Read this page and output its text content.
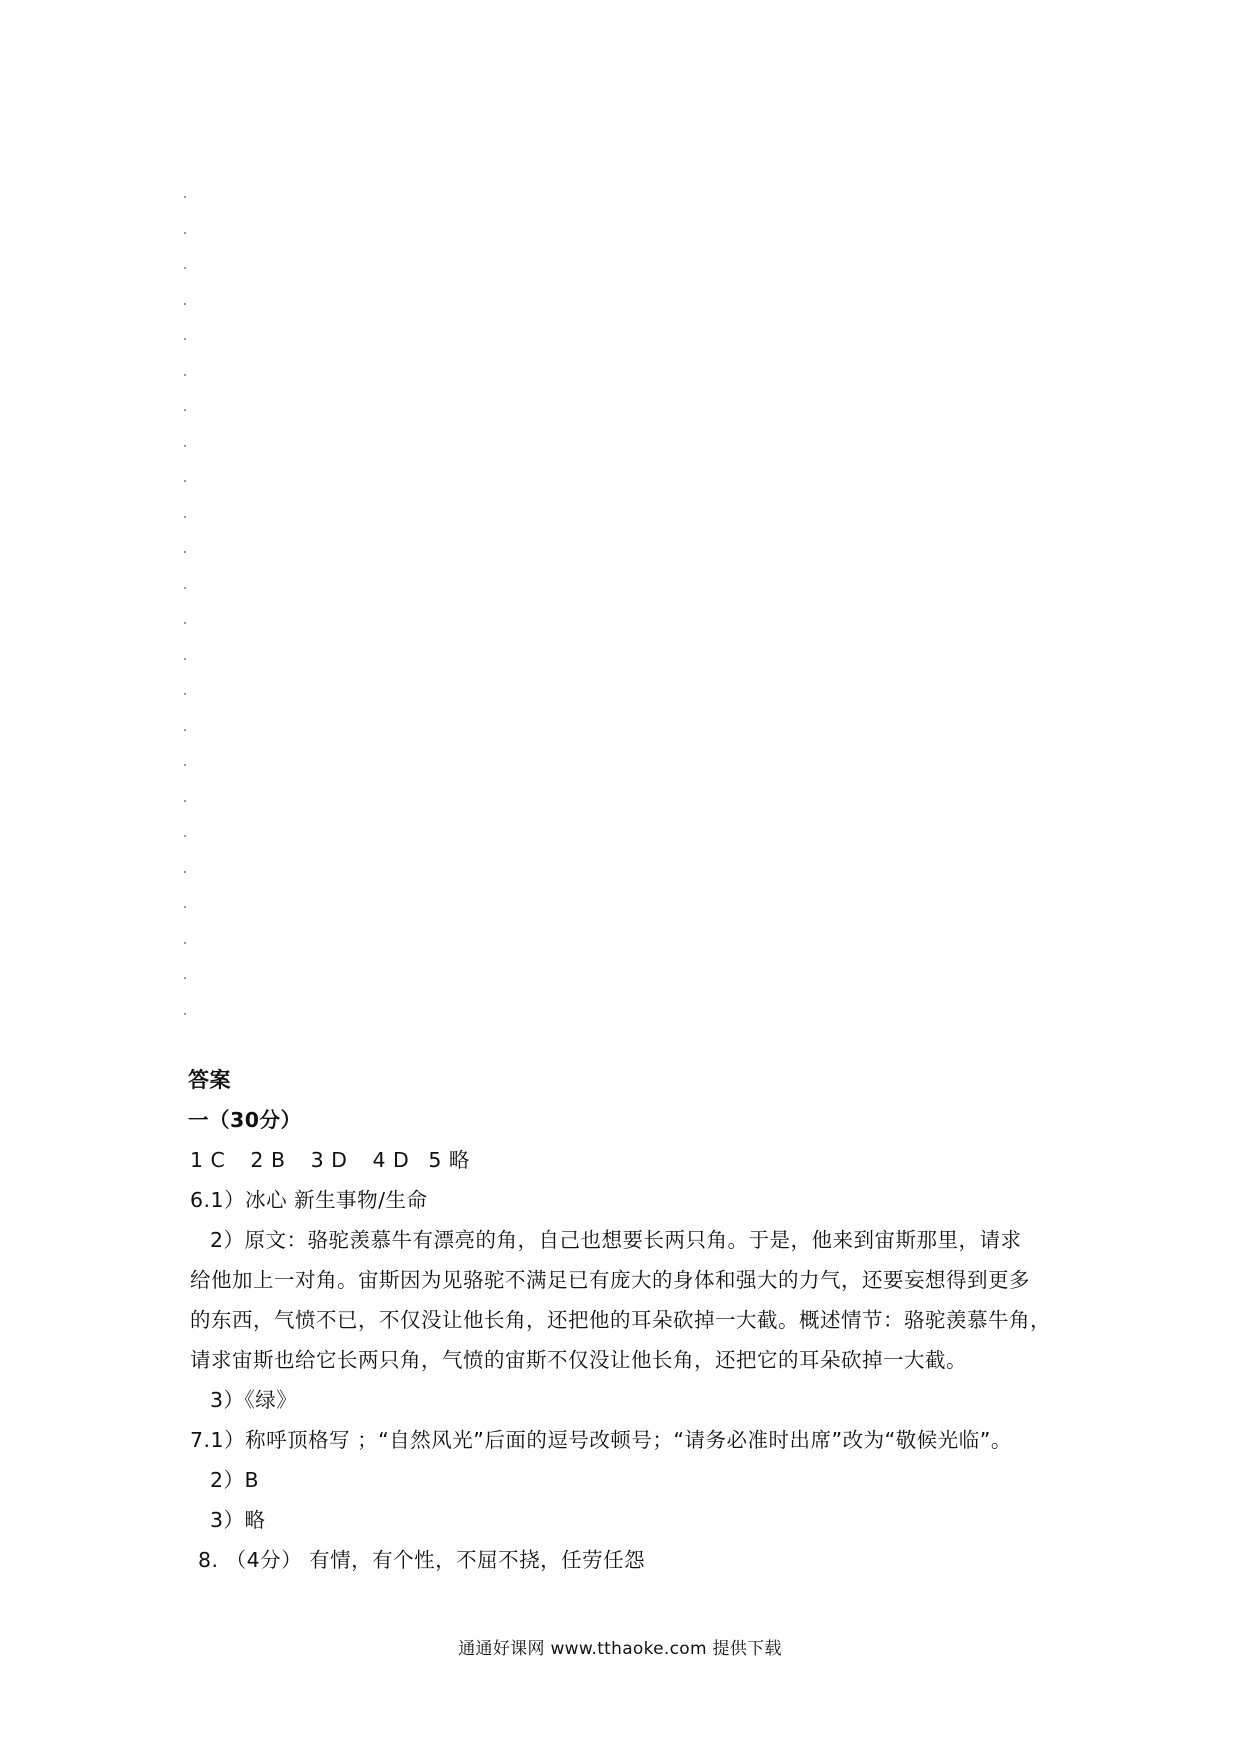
答案
一（30分）
1 C 2 B 3 D 4 D 5 略
6.1）冰心 新生事物/生命
2）原文：骆驼羡慕牛有漂亮的角，自己也想要长两只角。于是，他来到宙斯那里，请求
给他加上一对角。宙斯因为见骆驼不满足已有庞大的身体和强大的力气，还要妄想得到更多
的东西，气愤不已，不仅没让他长角，还把他的耳朵砍掉一大截。概述情节：骆驼羡慕牛角，
请求宙斯也给它长两只角，气愤的宙斯不仅没让他长角，还把它的耳朵砍掉一大截。
3）《绿》
7.1）称呼顶格写 ；“自然风光”后面的逗号改顿号；“请务必准时出席”改为“敬候光临”。
2）B
3）略
8. （4分） 有情，有个性，不屈不挠，任劳任怨
通通好课网 www.tthaoke.com 提供下载
